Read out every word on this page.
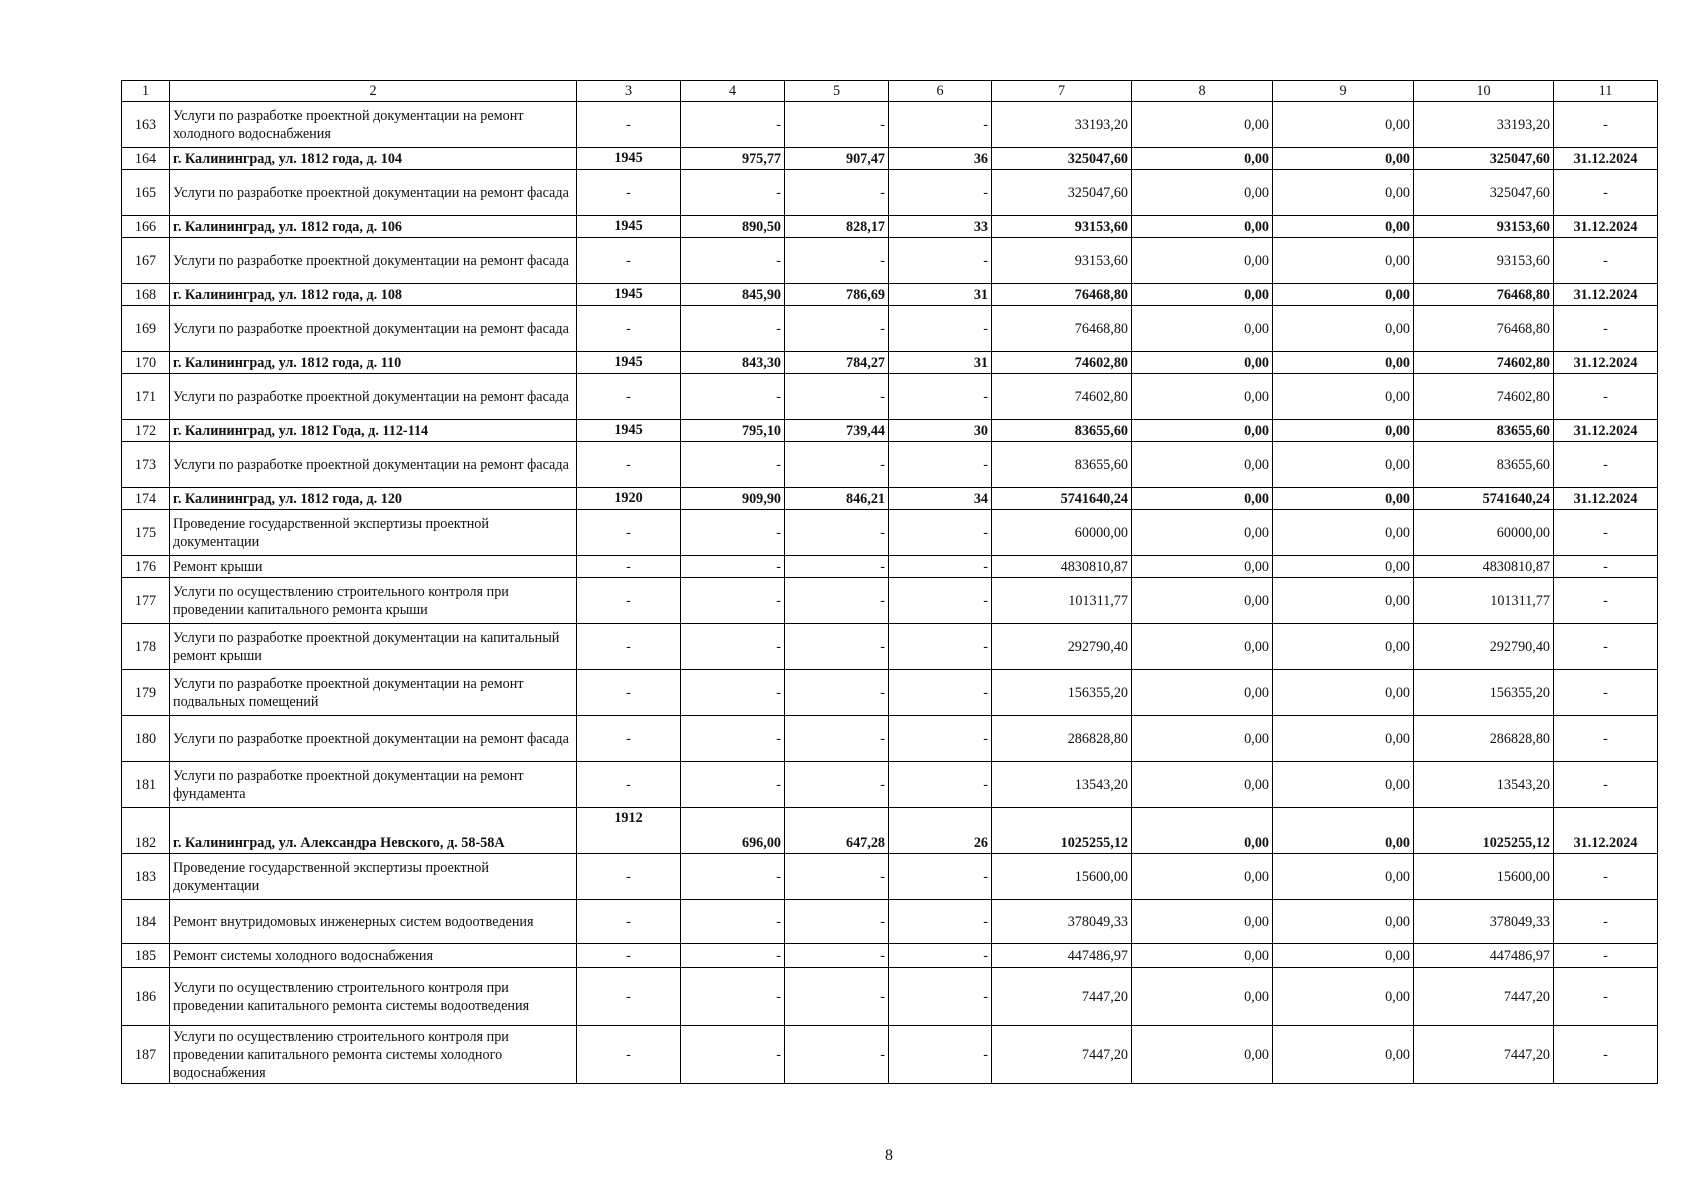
1	2	3	4	5	6	7	8	9	10	11
163	Услуги по разработке проектной документации на ремонт холодного водоснабжения	-	-	-	-	33193,20	0,00	0,00	33193,20	-
164	г. Калининград, ул. 1812 года, д. 104	1945	975,77	907,47	36	325047,60	0,00	0,00	325047,60	31.12.2024
165	Услуги по разработке проектной документации на ремонт фасада	-	-	-	-	325047,60	0,00	0,00	325047,60	-
166	г. Калининград, ул. 1812 года, д. 106	1945	890,50	828,17	33	93153,60	0,00	0,00	93153,60	31.12.2024
167	Услуги по разработке проектной документации на ремонт фасада	-	-	-	-	93153,60	0,00	0,00	93153,60	-
168	г. Калининград, ул. 1812 года, д. 108	1945	845,90	786,69	31	76468,80	0,00	0,00	76468,80	31.12.2024
169	Услуги по разработке проектной документации на ремонт фасада	-	-	-	-	76468,80	0,00	0,00	76468,80	-
170	г. Калининград, ул. 1812 года, д. 110	1945	843,30	784,27	31	74602,80	0,00	0,00	74602,80	31.12.2024
171	Услуги по разработке проектной документации на ремонт фасада	-	-	-	-	74602,80	0,00	0,00	74602,80	-
172	г. Калининград, ул. 1812 Года, д. 112-114	1945	795,10	739,44	30	83655,60	0,00	0,00	83655,60	31.12.2024
173	Услуги по разработке проектной документации на ремонт фасада	-	-	-	-	83655,60	0,00	0,00	83655,60	-
174	г. Калининград, ул. 1812 года, д. 120	1920	909,90	846,21	34	5741640,24	0,00	0,00	5741640,24	31.12.2024
175	Проведение государственной экспертизы проектной документации	-	-	-	-	60000,00	0,00	0,00	60000,00	-
176	Ремонт крыши	-	-	-	-	4830810,87	0,00	0,00	4830810,87	-
177	Услуги по осуществлению строительного контроля при проведении капитального ремонта крыши	-	-	-	-	101311,77	0,00	0,00	101311,77	-
178	Услуги по разработке проектной документации на капитальный ремонт крыши	-	-	-	-	292790,40	0,00	0,00	292790,40	-
179	Услуги по разработке проектной документации на ремонт подвальных помещений	-	-	-	-	156355,20	0,00	0,00	156355,20	-
180	Услуги по разработке проектной документации на ремонт фасада	-	-	-	-	286828,80	0,00	0,00	286828,80	-
181	Услуги по разработке проектной документации на ремонт фундамента	-	-	-	-	13543,20	0,00	0,00	13543,20	-
182	г. Калининград, ул. Александра Невского, д. 58-58А	1912	696,00	647,28	26	1025255,12	0,00	0,00	1025255,12	31.12.2024
183	Проведение государственной экспертизы проектной документации	-	-	-	-	15600,00	0,00	0,00	15600,00	-
184	Ремонт внутридомовых инженерных систем водоотведения	-	-	-	-	378049,33	0,00	0,00	378049,33	-
185	Ремонт системы холодного водоснабжения	-	-	-	-	447486,97	0,00	0,00	447486,97	-
186	Услуги по осуществлению строительного контроля при проведении капитального ремонта системы водоотведения	-	-	-	-	7447,20	0,00	0,00	7447,20	-
187	Услуги по осуществлению строительного контроля при проведении капитального ремонта системы холодного водоснабжения	-	-	-	-	7447,20	0,00	0,00	7447,20	-
8
